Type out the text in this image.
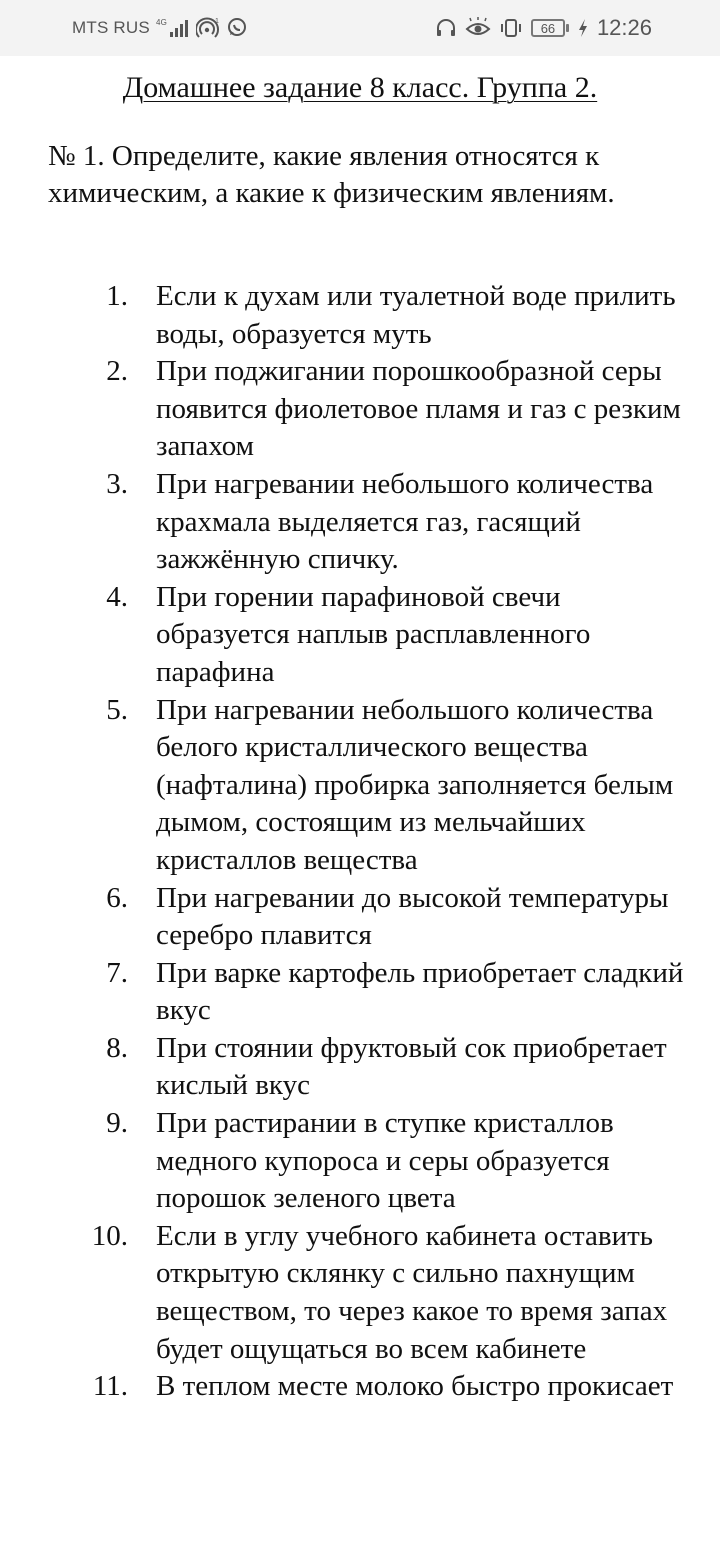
MTS RUS 4G	1	66	12:26
Домашнее задание 8 класс. Группа 2.
№ 1. Определите, какие явления относятся к химическим, а какие к физическим явлениям.
1. Если к духам или туалетной воде прилить воды, образуется муть
2. При поджигании порошкообразной серы появится фиолетовое пламя и газ с резким запахом
3. При нагревании небольшого количества крахмала выделяется газ, гасящий зажжённую спичку.
4. При горении парафиновой свечи образуется наплыв расплавленного парафина
5. При нагревании небольшого количества белого кристаллического вещества (нафталина) пробирка заполняется белым дымом, состоящим из мельчайших кристаллов вещества
6. При нагревании до высокой температуры серебро плавится
7. При варке картофель приобретает сладкий вкус
8. При стоянии фруктовый сок приобретает кислый вкус
9. При растирании в ступке кристаллов медного купороса и серы образуется порошок зеленого цвета
10. Если в углу учебного кабинета оставить открытую склянку с сильно пахнущим веществом, то через какое то время запах будет ощущаться во всем кабинете
11. В теплом месте молоко быстро прокисает
